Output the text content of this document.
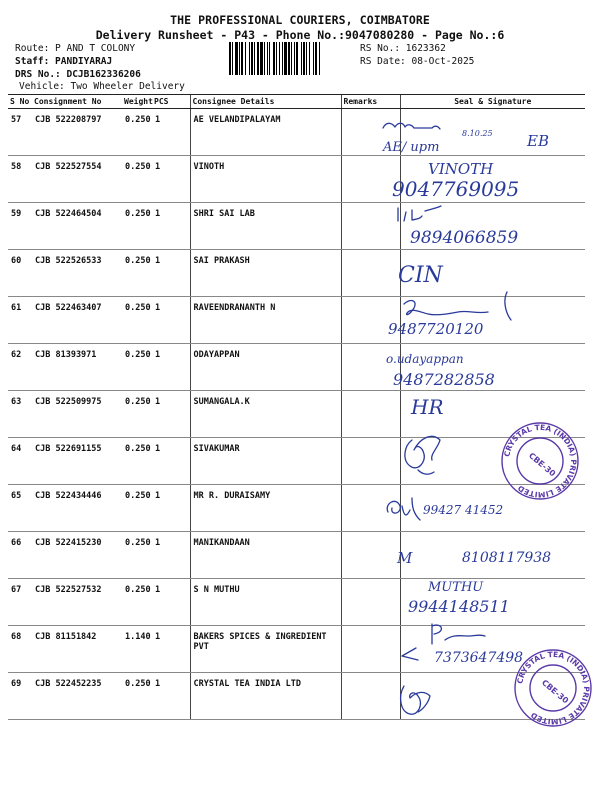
THE PROFESSIONAL COURIERS, COIMBATORE
Delivery Runsheet - P43 - Phone No.:9047080280 - Page No.:6
Route: P AND T COLONY
Staff: PANDIYARAJ
DRS No.: DCJB162336206
Vehicle: Two Wheeler Delivery
RS No.: 1623362
RS Date: 08-Oct-2025
S No	Consignment No	Weight	PCS	Consignee Details	Remarks	Seal & Signature
57	CJB 522208797	0.250	1	AE VELANDIPALAYAM		
58	CJB 522527554	0.250	1	VINOTH		
59	CJB 522464504	0.250	1	SHRI SAI LAB		
60	CJB 522526533	0.250	1	SAI PRAKASH		
61	CJB 522463407	0.250	1	RAVEENDRANANTH N		
62	CJB 81393971	0.250	1	ODAYAPPAN		
63	CJB 522509975	0.250	1	SUMANGALA.K		
64	CJB 522691155	0.250	1	SIVAKUMAR		
65	CJB 522434446	0.250	1	MR R. DURAISAMY		
66	CJB 522415230	0.250	1	MANIKANDAAN		
67	CJB 522527532	0.250	1	S N MUTHU		
68	CJB 81151842	1.140	1	BAKERS SPICES & INGREDIENT PVT		
69	CJB 522452235	0.250	1	CRYSTAL TEA INDIA LTD		
8.10.25
AE/ upm	EB
VINOTH
9047769095
9894066859
CIN
9487720120
o.udayappan
9487282858
HR
99427 41452
M	8108117938
MUTHU
9944148511
7373647498
CRYSTAL TEA (INDIA) PRIVATE LIMITED
CBE-30
CRYSTAL TEA (INDIA) PRIVATE LIMITED
CBE-30
